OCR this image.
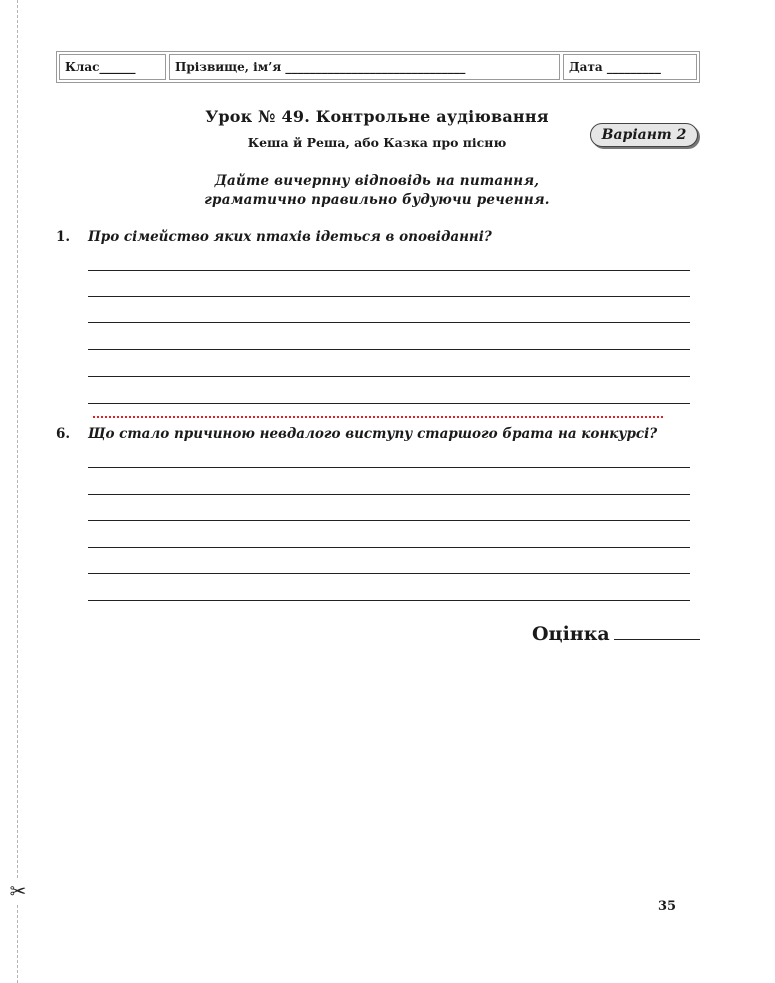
✂
Клас______	Прізвище, ім’я ______________________________	Дата _________
Урок № 49. Контрольне аудіювання
Кеша й Реша, або Казка про пісню	Варіант 2
Дайте вичерпну відповідь на питання,
граматично правильно будуючи речення.
1. Про сімейство яких птахів ідеться в оповіданні?
6. Що стало причиною невдалого виступу старшого брата на конкурсі?
Оцінка
35
